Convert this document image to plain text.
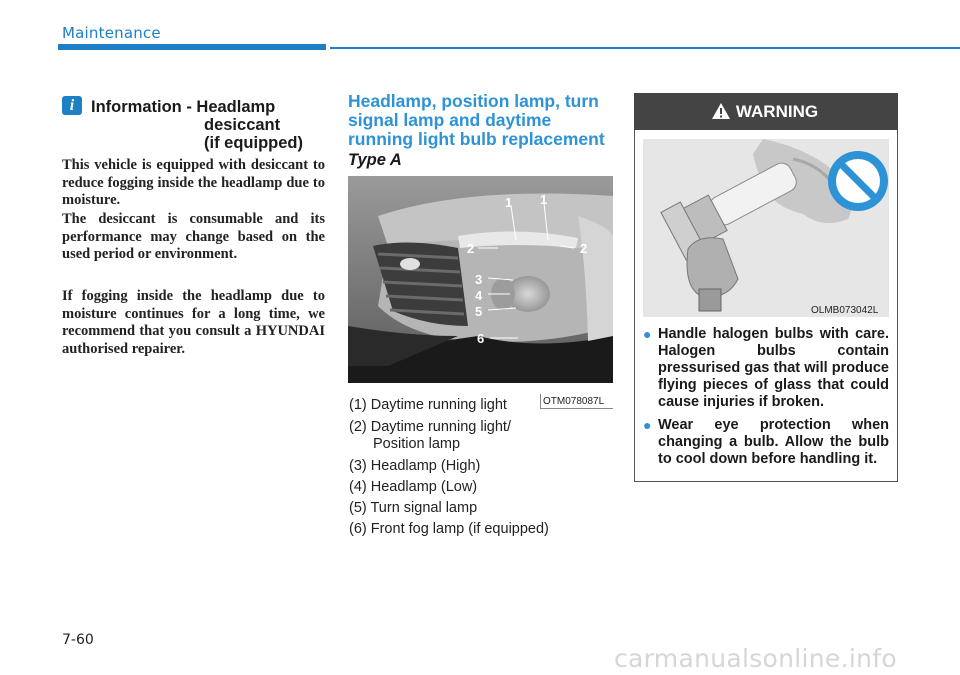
Maintenance
i	Information - Headlamp
desiccant
(if equipped)
This vehicle is equipped with desiccant to reduce fogging inside the headlamp due to moisture.
The desiccant is consumable and its performance may change based on the used period or environment.
If fogging inside the headlamp due to moisture continues for a long time, we recommend that you consult a HYUNDAI authorised repairer.
Headlamp, position lamp, turn signal lamp and daytime running light bulb replacement
Type A
1 1
2	2
3
4
5
6
OTM078087L
(1) Daytime running light
(2) Daytime running light/
Position lamp
(3) Headlamp (High)
(4) Headlamp (Low)
(5) Turn signal lamp
(6) Front fog lamp (if equipped)
WARNING
OLMB073042L
● Handle halogen bulbs with care. Halogen bulbs contain pressurised gas that will produce flying pieces of glass that could cause injuries if broken.
● Wear eye protection when changing a bulb. Allow the bulb to cool down before handling it.
7-60
carmanualsonline.info
